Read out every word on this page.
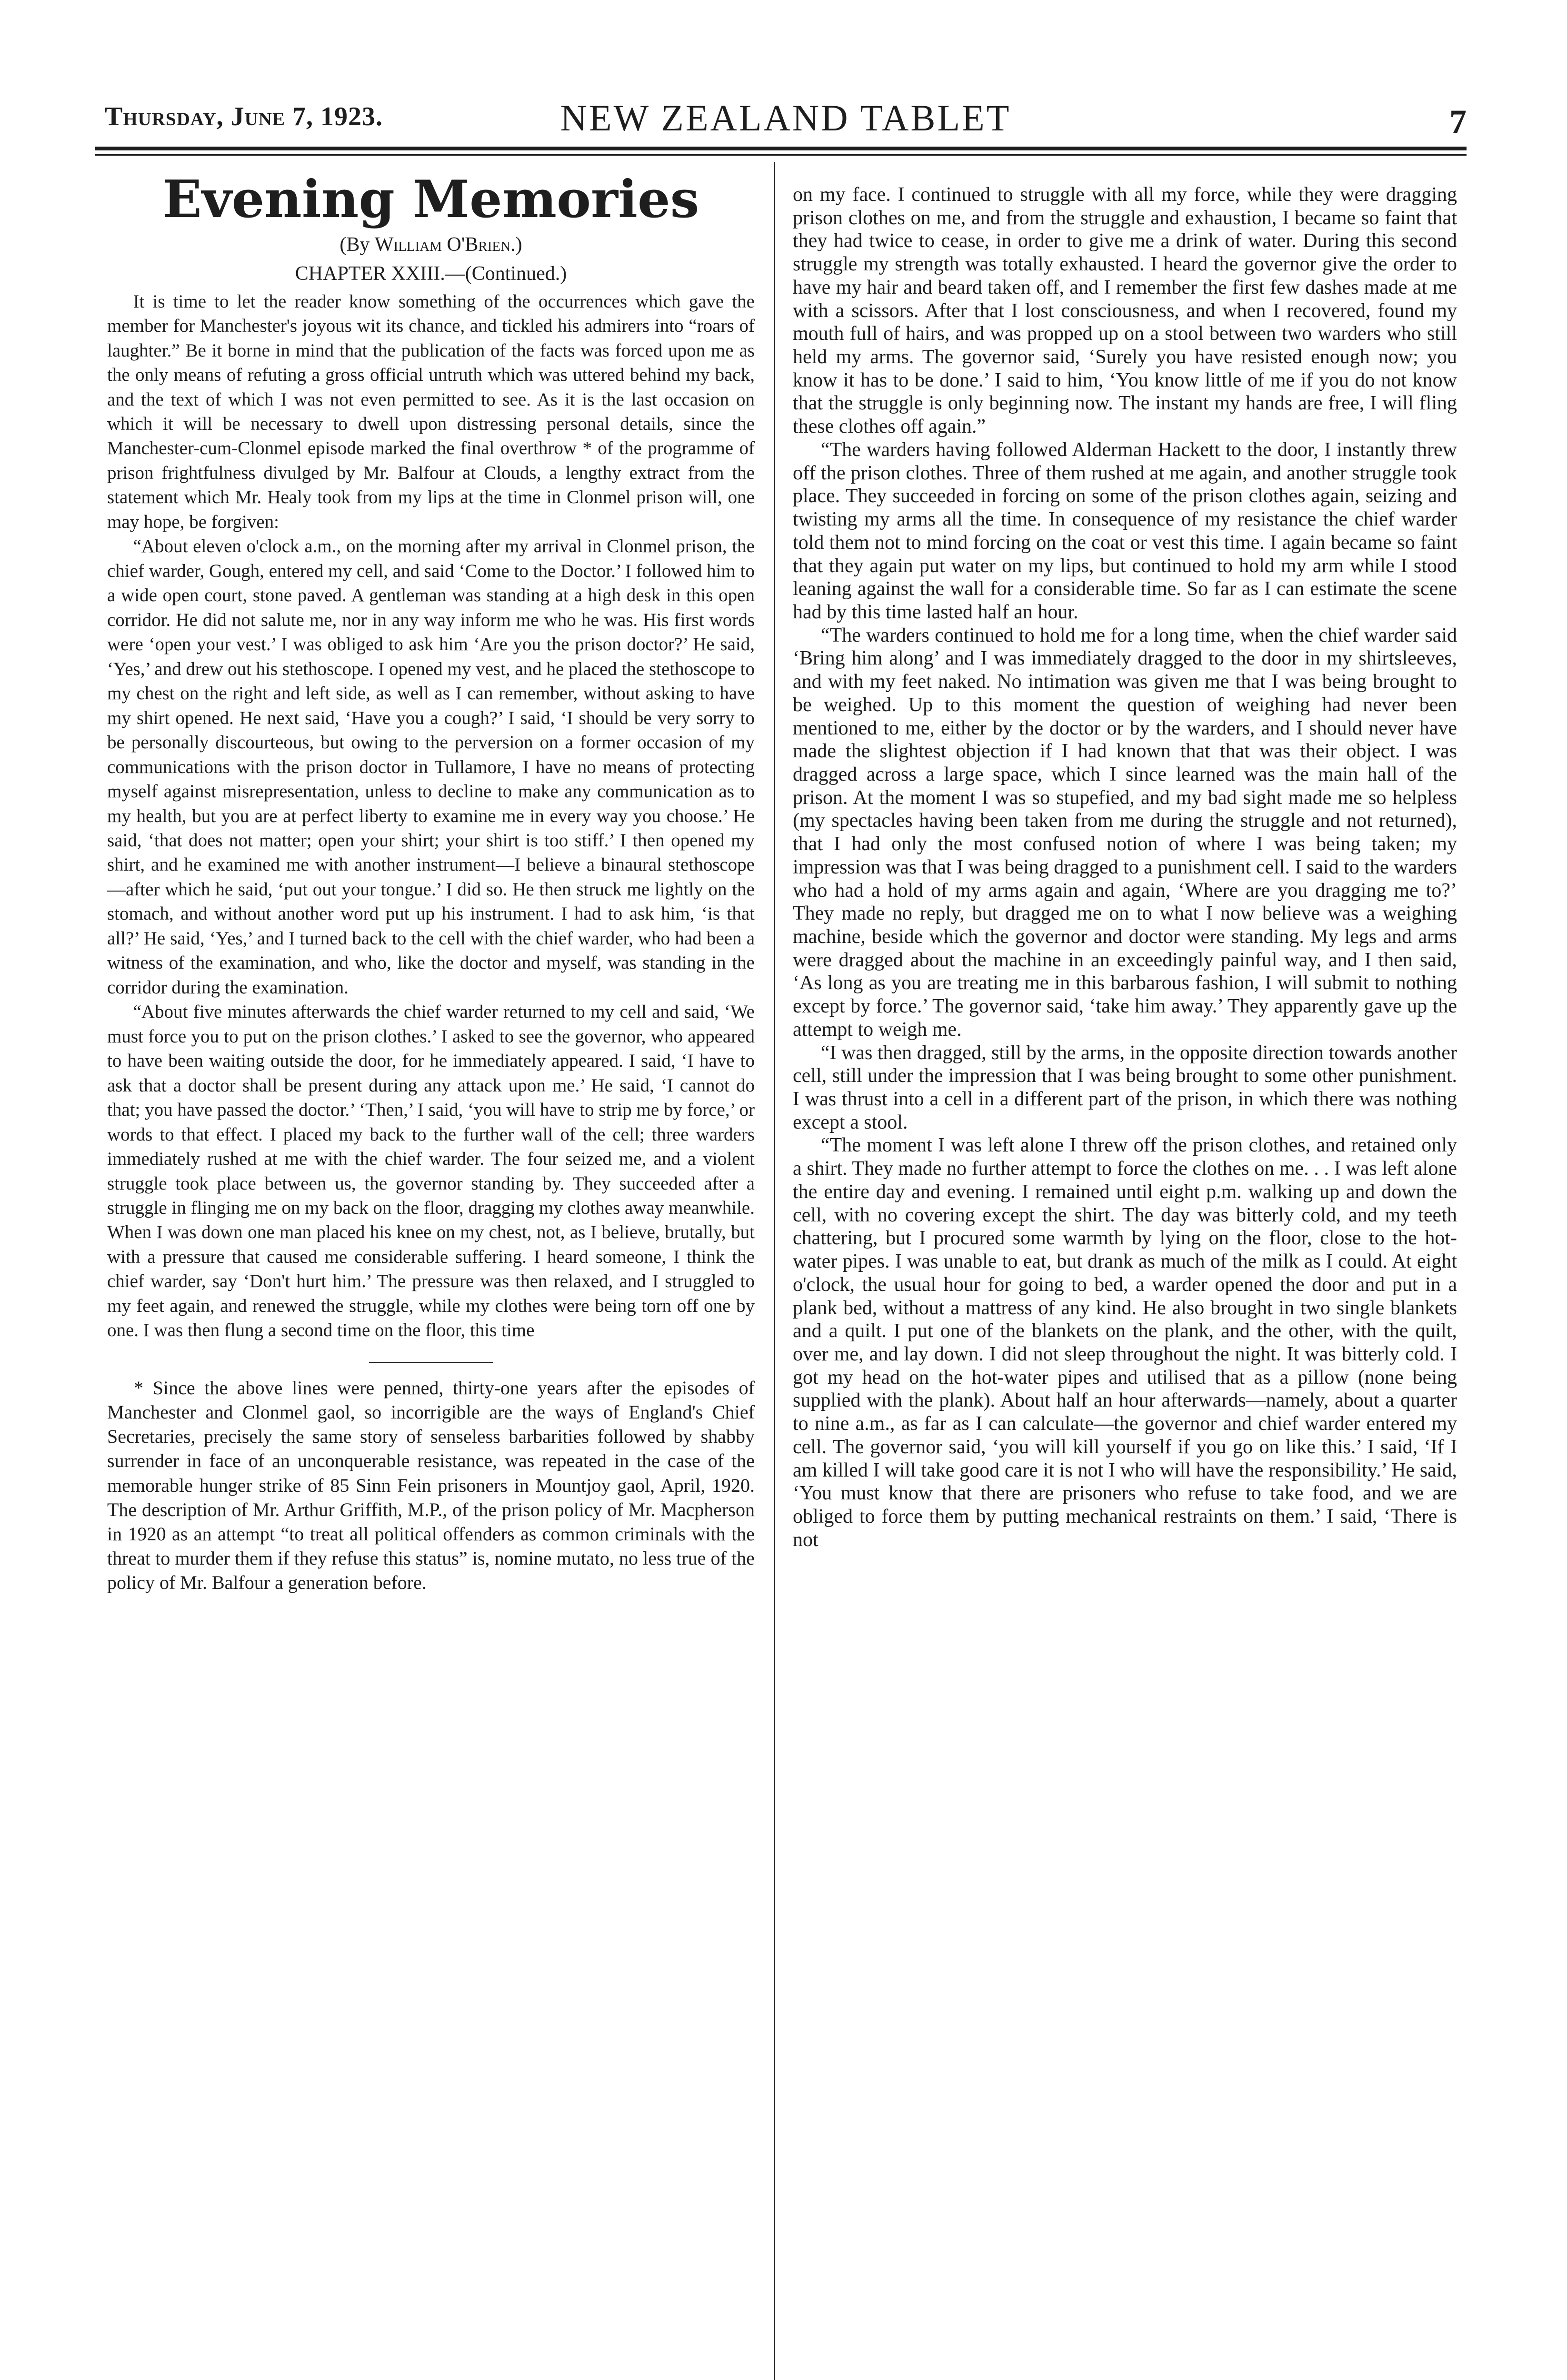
Thursday, June 7, 1923.	NEW ZEALAND TABLET	7
Evening Memories
(By William O'Brien.)
CHAPTER XXIII.—(Continued.)

It is time to let the reader know something of the occurrences which gave the member for Manchester's joyous wit its chance, and tickled his admirers into “roars of laughter.” Be it borne in mind that the publication of the facts was forced upon me as the only means of refuting a gross official untruth which was uttered behind my back, and the text of which I was not even permitted to see. As it is the last occasion on which it will be necessary to dwell upon distressing personal details, since the Manchester-cum-Clonmel episode marked the final overthrow * of the programme of prison frightfulness divulged by Mr. Balfour at Clouds, a lengthy extract from the statement which Mr. Healy took from my lips at the time in Clonmel prison will, one may hope, be forgiven:

“About eleven o'clock a.m., on the morning after my arrival in Clonmel prison, the chief warder, Gough, entered my cell, and said ‘Come to the Doctor.’ I followed him to a wide open court, stone paved. A gentleman was standing at a high desk in this open corridor. He did not salute me, nor in any way inform me who he was. His first words were ‘open your vest.’ I was obliged to ask him ‘Are you the prison doctor?’ He said, ‘Yes,’ and drew out his stethoscope. I opened my vest, and he placed the stethoscope to my chest on the right and left side, as well as I can remember, without asking to have my shirt opened. He next said, ‘Have you a cough?’ I said, ‘I should be very sorry to be personally discourteous, but owing to the perversion on a former occasion of my communications with the prison doctor in Tullamore, I have no means of protecting myself against misrepresentation, unless to decline to make any communication as to my health, but you are at perfect liberty to examine me in every way you choose.’ He said, ‘that does not matter; open your shirt; your shirt is too stiff.’ I then opened my shirt, and he examined me with another instrument—I believe a binaural stethoscope—after which he said, ‘put out your tongue.’ I did so. He then struck me lightly on the stomach, and without another word put up his instrument. I had to ask him, ‘is that all?’ He said, ‘Yes,’ and I turned back to the cell with the chief warder, who had been a witness of the examination, and who, like the doctor and myself, was standing in the corridor during the examination.

“About five minutes afterwards the chief warder returned to my cell and said, ‘We must force you to put on the prison clothes.’ I asked to see the governor, who appeared to have been waiting outside the door, for he immediately appeared. I said, ‘I have to ask that a doctor shall be present during any attack upon me.’ He said, ‘I cannot do that; you have passed the doctor.’ ‘Then,’ I said, ‘you will have to strip me by force,’ or words to that effect. I placed my back to the further wall of the cell; three warders immediately rushed at me with the chief warder. The four seized me, and a violent struggle took place between us, the governor standing by. They succeeded after a struggle in flinging me on my back on the floor, dragging my clothes away meanwhile. When I was down one man placed his knee on my chest, not, as I believe, brutally, but with a pressure that caused me considerable suffering. I heard someone, I think the chief warder, say ‘Don't hurt him.’ The pressure was then relaxed, and I struggled to my feet again, and renewed the struggle, while my clothes were being torn off one by one. I was then flung a second time on the floor, this time

* Since the above lines were penned, thirty-one years after the episodes of Manchester and Clonmel gaol, so incorrigible are the ways of England's Chief Secretaries, precisely the same story of senseless barbarities followed by shabby surrender in face of an unconquerable resistance, was repeated in the case of the memorable hunger strike of 85 Sinn Fein prisoners in Mountjoy gaol, April, 1920. The description of Mr. Arthur Griffith, M.P., of the prison policy of Mr. Macpherson in 1920 as an attempt “to treat all political offenders as common criminals with the threat to murder them if they refuse this status” is, nomine mutato, no less true of the policy of Mr. Balfour a generation before.

on my face. I continued to struggle with all my force, while they were dragging prison clothes on me, and from the struggle and exhaustion, I became so faint that they had twice to cease, in order to give me a drink of water. During this second struggle my strength was totally exhausted. I heard the governor give the order to have my hair and beard taken off, and I remember the first few dashes made at me with a scissors. After that I lost consciousness, and when I recovered, found my mouth full of hairs, and was propped up on a stool between two warders who still held my arms. The governor said, ‘Surely you have resisted enough now; you know it has to be done.’ I said to him, ‘You know little of me if you do not know that the struggle is only beginning now. The instant my hands are free, I will fling these clothes off again.”

“The warders having followed Alderman Hackett to the door, I instantly threw off the prison clothes. Three of them rushed at me again, and another struggle took place. They succeeded in forcing on some of the prison clothes again, seizing and twisting my arms all the time. In consequence of my resistance the chief warder told them not to mind forcing on the coat or vest this time. I again became so faint that they again put water on my lips, but continued to hold my arm while I stood leaning against the wall for a considerable time. So far as I can estimate the scene had by this time lasted half an hour.

“The warders continued to hold me for a long time, when the chief warder said ‘Bring him along’ and I was immediately dragged to the door in my shirtsleeves, and with my feet naked. No intimation was given me that I was being brought to be weighed. Up to this moment the question of weighing had never been mentioned to me, either by the doctor or by the warders, and I should never have made the slightest objection if I had known that that was their object. I was dragged across a large space, which I since learned was the main hall of the prison. At the moment I was so stupefied, and my bad sight made me so helpless (my spectacles having been taken from me during the struggle and not returned), that I had only the most confused notion of where I was being taken; my impression was that I was being dragged to a punishment cell. I said to the warders who had a hold of my arms again and again, ‘Where are you dragging me to?’ They made no reply, but dragged me on to what I now believe was a weighing machine, beside which the governor and doctor were standing. My legs and arms were dragged about the machine in an exceedingly painful way, and I then said, ‘As long as you are treating me in this barbarous fashion, I will submit to nothing except by force.’ The governor said, ‘take him away.’ They apparently gave up the attempt to weigh me.

“I was then dragged, still by the arms, in the opposite direction towards another cell, still under the impression that I was being brought to some other punishment. I was thrust into a cell in a different part of the prison, in which there was nothing except a stool.

“The moment I was left alone I threw off the prison clothes, and retained only a shirt. They made no further attempt to force the clothes on me. . . I was left alone the entire day and evening. I remained until eight p.m. walking up and down the cell, with no covering except the shirt. The day was bitterly cold, and my teeth chattering, but I procured some warmth by lying on the floor, close to the hot-water pipes. I was unable to eat, but drank as much of the milk as I could. At eight o'clock, the usual hour for going to bed, a warder opened the door and put in a plank bed, without a mattress of any kind. He also brought in two single blankets and a quilt. I put one of the blankets on the plank, and the other, with the quilt, over me, and lay down. I did not sleep throughout the night. It was bitterly cold. I got my head on the hot-water pipes and utilised that as a pillow (none being supplied with the plank). About half an hour afterwards—namely, about a quarter to nine a.m., as far as I can calculate—the governor and chief warder entered my cell. The governor said, ‘you will kill yourself if you go on like this.’ I said, ‘If I am killed I will take good care it is not I who will have the responsibility.’ He said, ‘You must know that there are prisoners who refuse to take food, and we are obliged to force them by putting mechanical restraints on them.’ I said, ‘There is not
